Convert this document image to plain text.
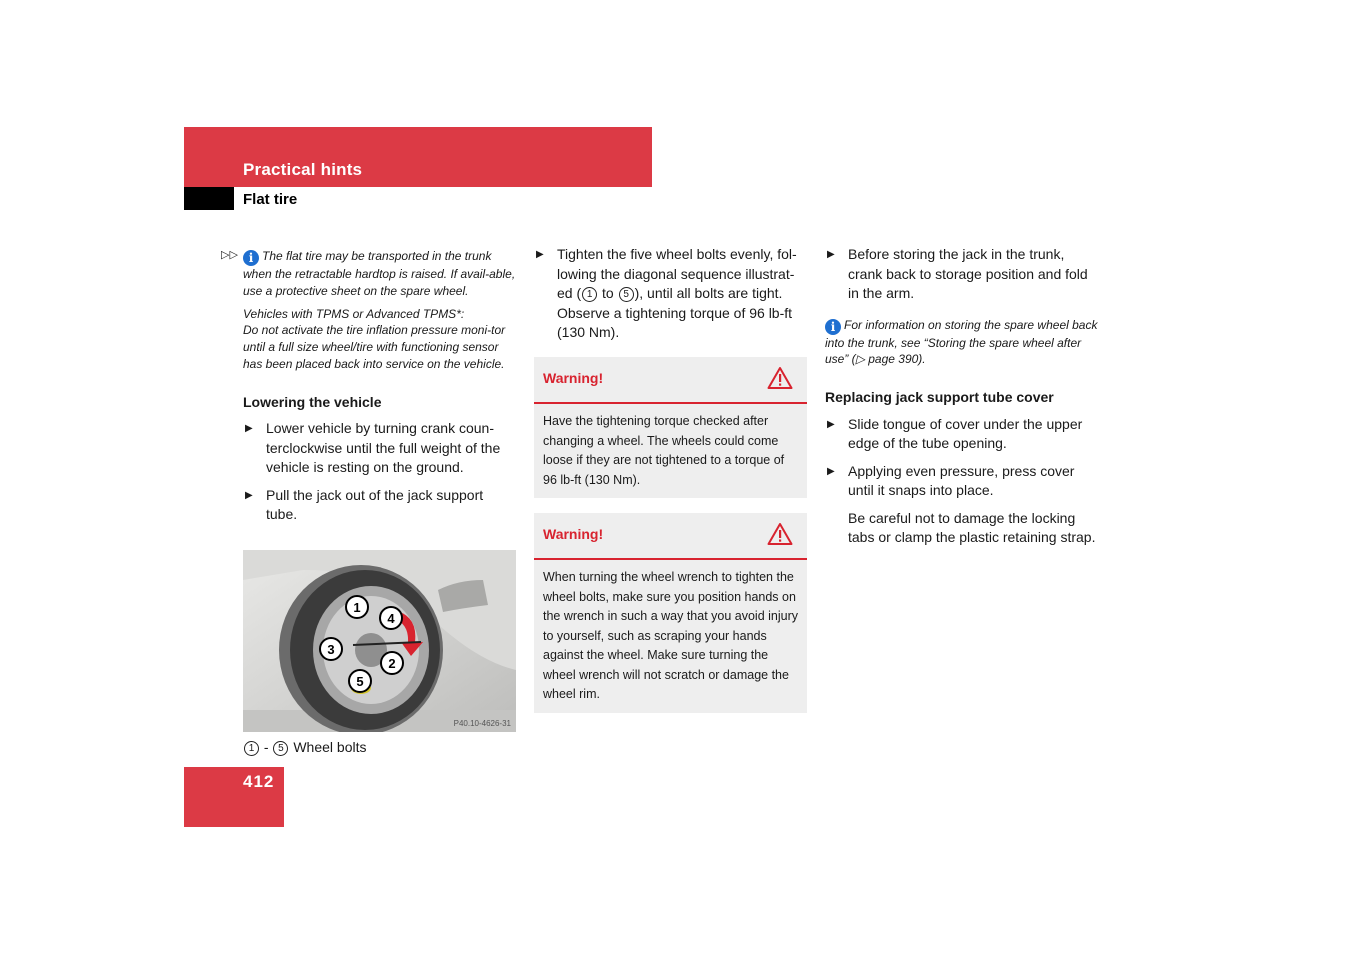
Practical hints
Flat tire
▷▷ i The flat tire may be transported in the trunk when the retractable hardtop is raised. If avail-able, use a protective sheet on the spare wheel.
Vehicles with TPMS or Advanced TPMS*:
Do not activate the tire inflation pressure moni-tor until a full size wheel/tire with functioning sensor has been placed back into service on the vehicle.
Lowering the vehicle
▶ Lower vehicle by turning crank coun-terclockwise until the full weight of the vehicle is resting on the ground.
▶ Pull the jack out of the jack support tube.
1
4
3
2
5
P40.10-4626-31
1 - 5 Wheel bolts
▶ Tighten the five wheel bolts evenly, fol-lowing the diagonal sequence illustrat-ed ( 1 to 5 ), until all bolts are tight. Observe a tightening torque of 96 lb-ft (130 Nm).
Warning!
Have the tightening torque checked after changing a wheel. The wheels could come loose if they are not tightened to a torque of 96 lb-ft (130 Nm).
Warning!
When turning the wheel wrench to tighten the wheel bolts, make sure you position hands on the wrench in such a way that you avoid injury to yourself, such as scraping your hands against the wheel. Make sure turning the wheel wrench will not scratch or damage the wheel rim.
▶ Before storing the jack in the trunk, crank back to storage position and fold in the arm.
i For information on storing the spare wheel back into the trunk, see “Storing the spare wheel after use” (▷ page 390).
Replacing jack support tube cover
▶ Slide tongue of cover under the upper edge of the tube opening.
▶ Applying even pressure, press cover until it snaps into place.
Be careful not to damage the locking tabs or clamp the plastic retaining strap.
412
